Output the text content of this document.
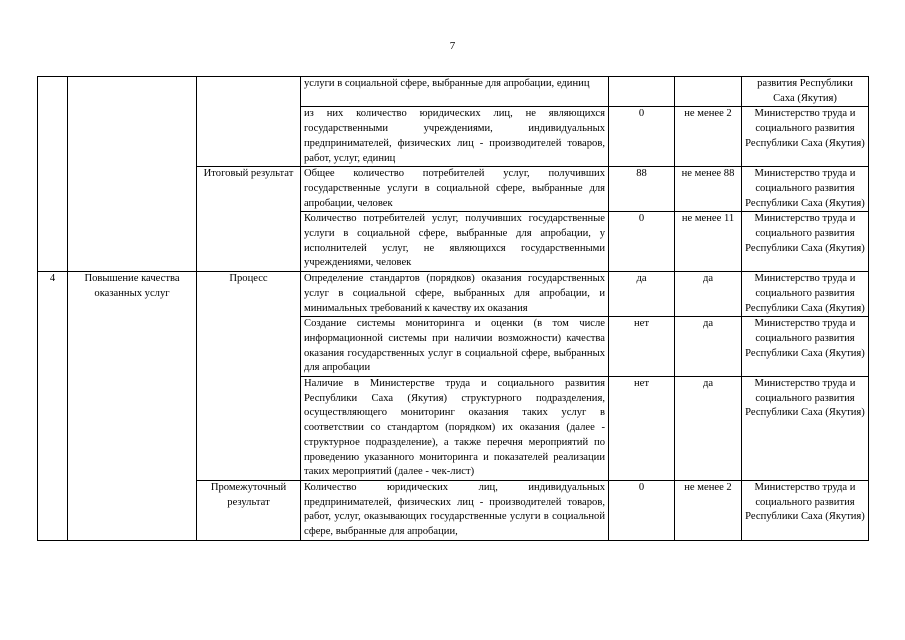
7
			услуги в социальной сфере, выбранные для апробации, единиц			развития Республики Саха (Якутия)
			из них количество юридических лиц, не являющихся государственными учреждениями, индивидуальных предпринимателей, физических лиц - производителей товаров, работ, услуг, единиц	0	не менее 2	Министерство труда и социального развития Республики Саха (Якутия)
		Итоговый результат	Общее количество потребителей услуг, получивших государственные услуги в социальной сфере, выбранные для апробации, человек	88	не менее 88	Министерство труда и социального развития Республики Саха (Якутия)
			Количество потребителей услуг, получивших государственные услуги в социальной сфере, выбранные для апробации, у исполнителей услуг, не являющихся государственными учреждениями, человек	0	не менее 11	Министерство труда и социального развития Республики Саха (Якутия)
4	Повышение качества оказанных услуг	Процесс	Определение стандартов (порядков) оказания государственных услуг в социальной сфере, выбранных для апробации, и минимальных требований к качеству их оказания	да	да	Министерство труда и социального развития Республики Саха (Якутия)
			Создание системы мониторинга и оценки (в том числе информационной системы при наличии возможности) качества оказания государственных услуг в социальной сфере, выбранных для апробации	нет	да	Министерство труда и социального развития Республики Саха (Якутия)
			Наличие в Министерстве труда и социального развития Республики Саха (Якутия) структурного подразделения, осуществляющего мониторинг оказания таких услуг в соответствии со стандартом (порядком) их оказания (далее - структурное подразделение), а также перечня мероприятий по проведению указанного мониторинга и показателей реализации таких мероприятий (далее - чек-лист)	нет	да	Министерство труда и социального развития Республики Саха (Якутия)
		Промежуточный результат	Количество юридических лиц, индивидуальных предпринимателей, физических лиц - производителей товаров, работ, услуг, оказывающих государственные услуги в социальной сфере, выбранные для апробации,	0	не менее 2	Министерство труда и социального развития Республики Саха (Якутия)
